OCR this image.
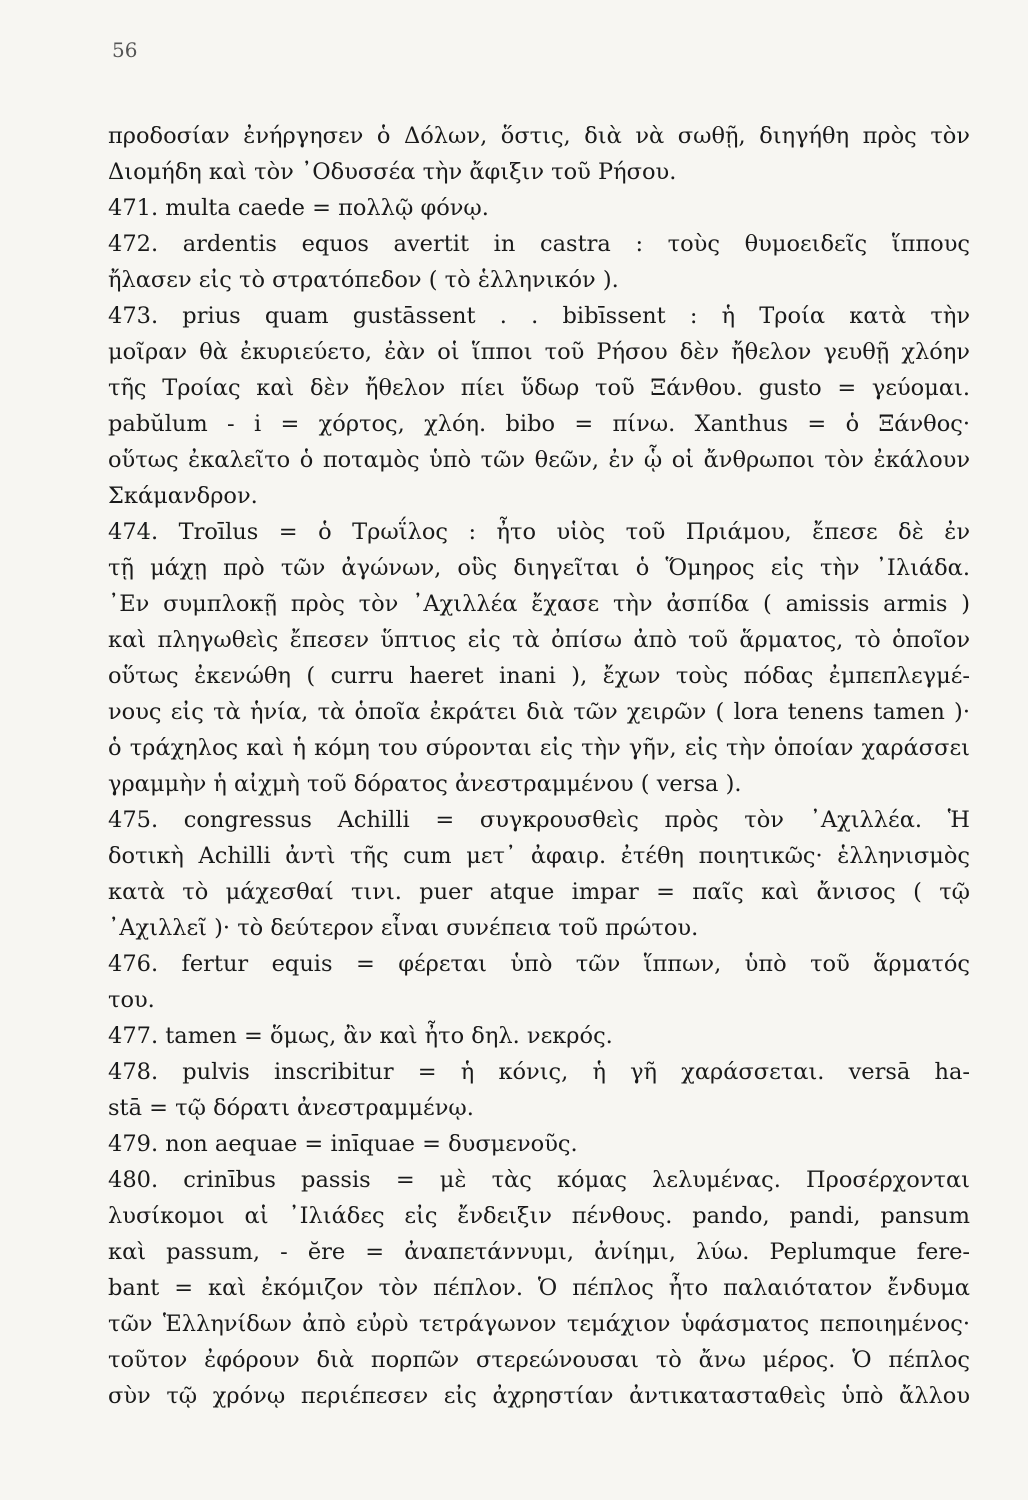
56
προδοσίαν ἐνήργησεν ὁ Δόλων, ὅστις, διὰ νὰ σωθῇ, διηγήθη πρὸς τὸν
Διομήδη καὶ τὸν ᾿Οδυσσέα τὴν ἄφιξιν τοῦ Ρήσου.
471. multa caede = πολλῷ φόνῳ.
472. ardentis equos avertit in castra : τοὺς θυμοειδεῖς ἵππους
ἤλασεν εἰς τὸ στρατόπεδον ( τὸ ἑλληνικόν ).
473. prius quam gustāssent . . bibīssent : ἡ Τροία κατὰ τὴν
μοῖραν θὰ ἐκυριεύετο, ἐὰν οἱ ἵπποι τοῦ Ρήσου δὲν ἤθελον γευθῇ χλόην
τῆς Τροίας καὶ δὲν ἤθελον πίει ὕδωρ τοῦ Ξάνθου. gusto = γεύομαι.
pabŭlum - i = χόρτος, χλόη. bibo = πίνω. Xanthus = ὁ Ξάνθος·
οὕτως ἐκαλεῖτο ὁ ποταμὸς ὑπὸ τῶν θεῶν, ἐν ᾧ οἱ ἄνθρωποι τὸν ἐκάλουν
Σκάμανδρον.
474. Troīlus = ὁ Τρωΐλος : ἦτο υἱὸς τοῦ Πριάμου, ἔπεσε δὲ ἐν
τῇ μάχῃ πρὸ τῶν ἀγώνων, οὓς διηγεῖται ὁ Ὅμηρος εἰς τὴν ᾿Ιλιάδα.
᾿Εν συμπλοκῇ πρὸς τὸν ᾿Αχιλλέα ἔχασε τὴν ἀσπίδα ( amissis armis )
καὶ πληγωθεὶς ἔπεσεν ὕπτιος εἰς τὰ ὀπίσω ἀπὸ τοῦ ἅρματος, τὸ ὁποῖον
οὕτως ἐκενώθη ( curru haeret inani ), ἔχων τοὺς πόδας ἐμπεπλεγμέ-
νους εἰς τὰ ἡνία, τὰ ὁποῖα ἐκράτει διὰ τῶν χειρῶν ( lora tenens tamen )·
ὁ τράχηλος καὶ ἡ κόμη του σύρονται εἰς τὴν γῆν, εἰς τὴν ὁποίαν χαράσσει
γραμμὴν ἡ αἰχμὴ τοῦ δόρατος ἀνεστραμμένου ( versa ).
475. congressus Achilli = συγκρουσθεὶς πρὸς τὸν ᾿Αχιλλέα. Ἡ
δοτικὴ Achilli ἀντὶ τῆς cum μετ᾿ ἀφαιρ. ἐτέθη ποιητικῶς· ἑλληνισμὸς
κατὰ τὸ μάχεσθαί τινι. puer atque impar = παῖς καὶ ἄνισος ( τῷ
᾿Αχιλλεῖ )· τὸ δεύτερον εἶναι συνέπεια τοῦ πρώτου.
476. fertur equis = φέρεται ὑπὸ τῶν ἵππων, ὑπὸ τοῦ ἅρματός
του.
477. tamen = ὅμως, ἂν καὶ ἦτο δηλ. νεκρός.
478. pulvis inscribitur = ἡ κόνις, ἡ γῆ χαράσσεται. versā ha-
stā = τῷ δόρατι ἀνεστραμμένῳ.
479. non aequae = inīquae = δυσμενοῦς.
480. crinībus passis = μὲ τὰς κόμας λελυμένας. Προσέρχονται
λυσίκομοι αἱ ᾿Ιλιάδες εἰς ἔνδειξιν πένθους. pando, pandi, pansum
καὶ passum, - ĕre = ἀναπετάννυμι, ἀνίημι, λύω. Peplumque fere-
bant = καὶ ἐκόμιζον τὸν πέπλον. Ὁ πέπλος ἦτο παλαιότατον ἔνδυμα
τῶν Ἑλληνίδων ἀπὸ εὐρὺ τετράγωνον τεμάχιον ὑφάσματος πεποιημένος·
τοῦτον ἐφόρουν διὰ πορπῶν στερεώνουσαι τὸ ἄνω μέρος. Ὁ πέπλος
σὺν τῷ χρόνῳ περιέπεσεν εἰς ἀχρηστίαν ἀντικατασταθεὶς ὑπὸ ἄλλου
